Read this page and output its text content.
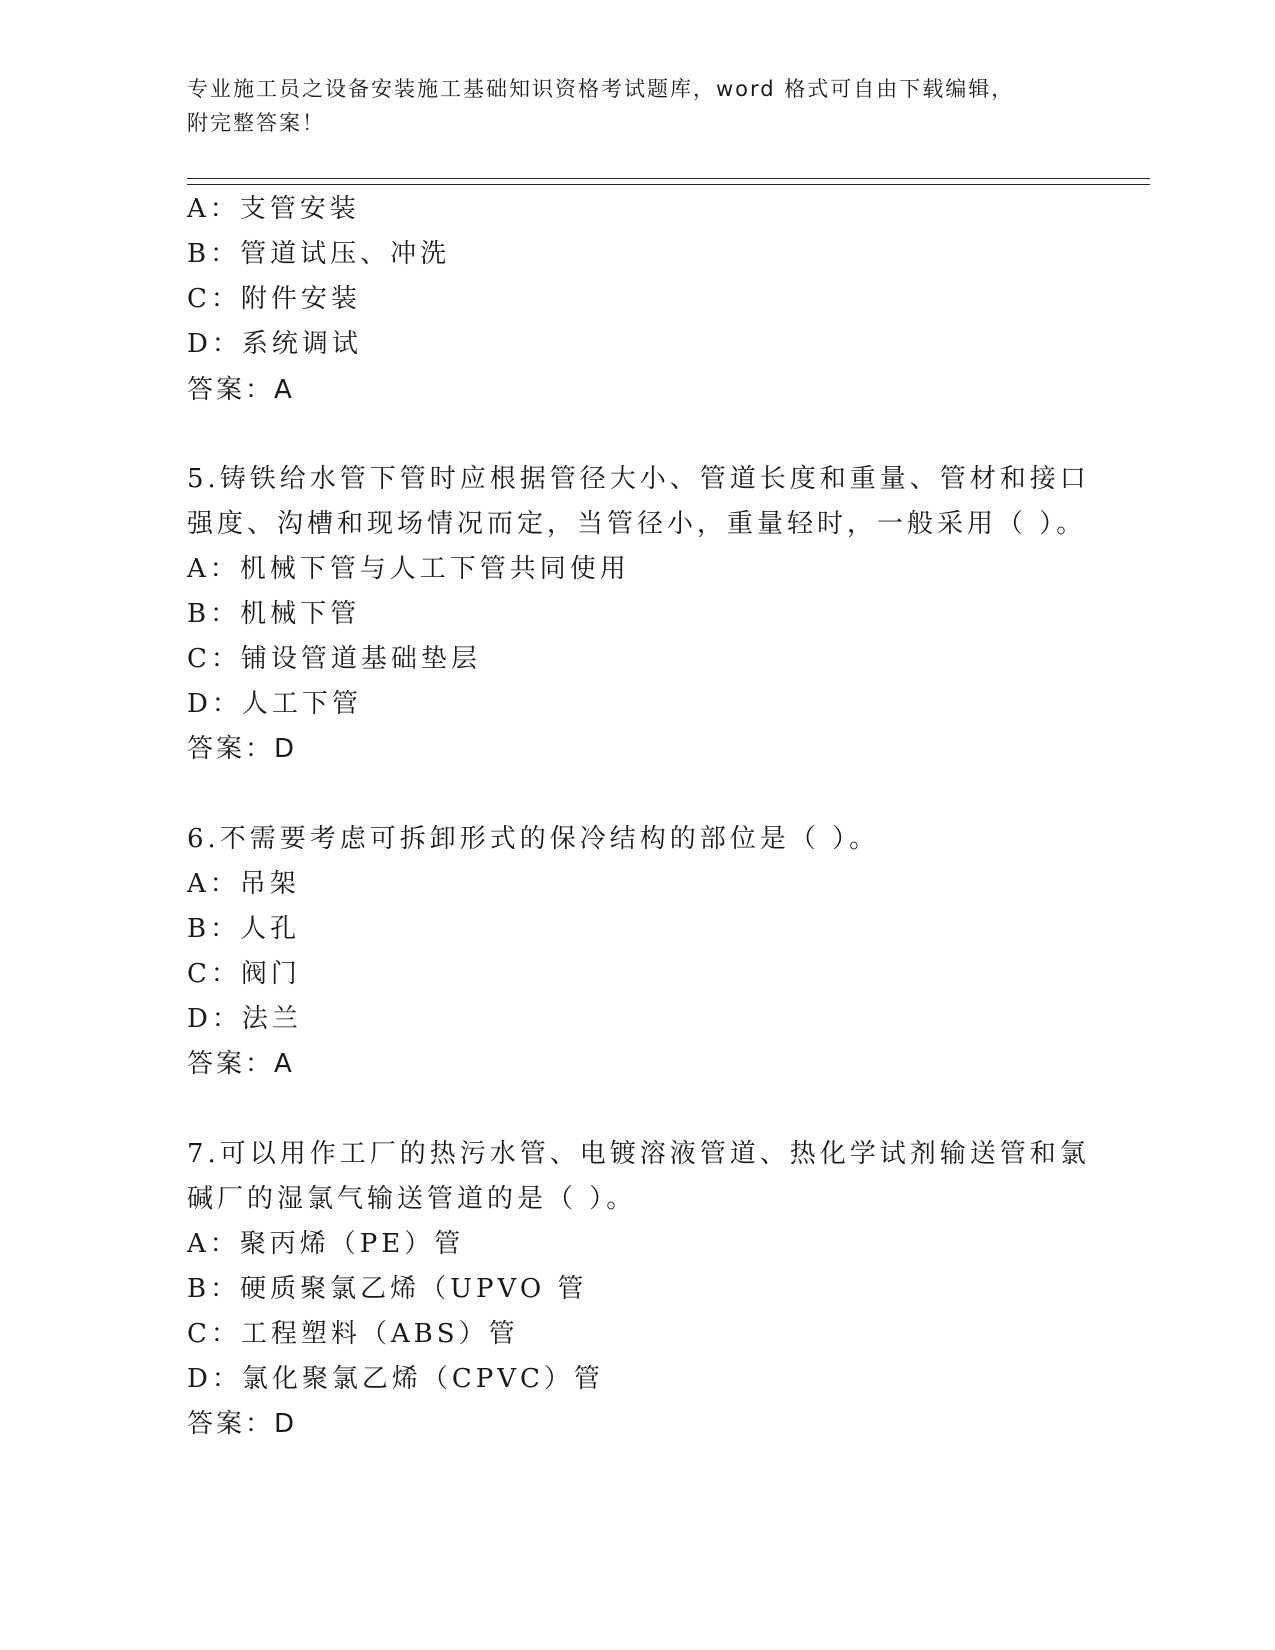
专业施工员之设备安装施工基础知识资格考试题库，word 格式可自由下载编辑，
附完整答案！
A：支管安装
B：管道试压、冲洗
C：附件安装
D：系统调试
答案：A
5.铸铁给水管下管时应根据管径大小、管道长度和重量、管材和接口
强度、沟槽和现场情况而定，当管径小，重量轻时，一般采用（ ）。
A：机械下管与人工下管共同使用
B：机械下管
C：铺设管道基础垫层
D：人工下管
答案：D
6.不需要考虑可拆卸形式的保冷结构的部位是（ ）。
A：吊架
B：人孔
C：阀门
D：法兰
答案：A
7.可以用作工厂的热污水管、电镀溶液管道、热化学试剂输送管和氯
碱厂的湿氯气输送管道的是（ ）。
A：聚丙烯（PE）管
B：硬质聚氯乙烯（UPVO 管
C：工程塑料（ABS）管
D：氯化聚氯乙烯（CPVC）管
答案：D
